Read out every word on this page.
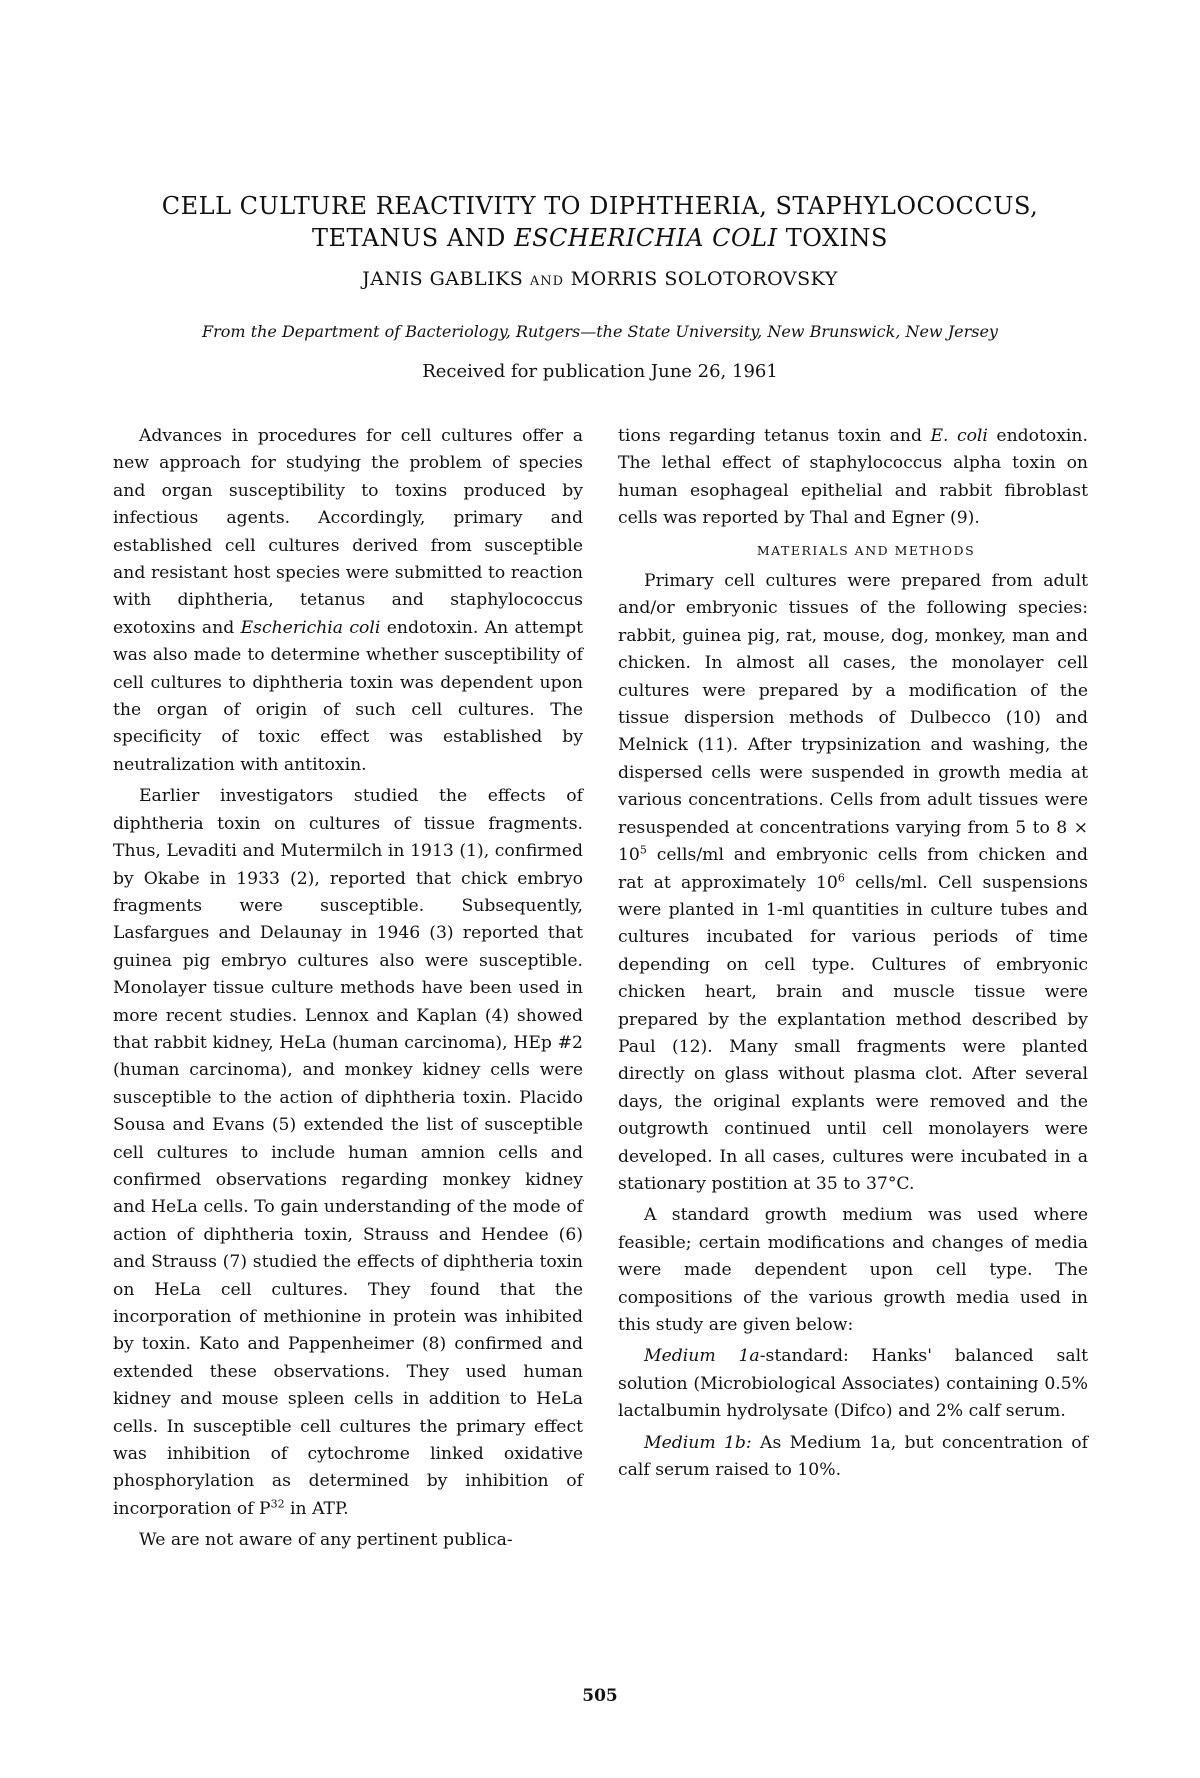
CELL CULTURE REACTIVITY TO DIPHTHERIA, STAPHYLOCOCCUS,
TETANUS AND ESCHERICHIA COLI TOXINS

JANIS GABLIKS AND MORRIS SOLOTOROVSKY

From the Department of Bacteriology, Rutgers—the State University, New Brunswick, New Jersey

Received for publication June 26, 1961

Advances in procedures for cell cultures offer a new approach for studying the problem of species and organ susceptibility to toxins produced by infectious agents. Accordingly, primary and established cell cultures derived from susceptible and resistant host species were submitted to reaction with diphtheria, tetanus and staphylococcus exotoxins and Escherichia coli endotoxin. An attempt was also made to determine whether susceptibility of cell cultures to diphtheria toxin was dependent upon the organ of origin of such cell cultures. The specificity of toxic effect was established by neutralization with antitoxin.

Earlier investigators studied the effects of diphtheria toxin on cultures of tissue fragments. Thus, Levaditi and Mutermilch in 1913 (1), confirmed by Okabe in 1933 (2), reported that chick embryo fragments were susceptible. Subsequently, Lasfargues and Delaunay in 1946 (3) reported that guinea pig embryo cultures also were susceptible. Monolayer tissue culture methods have been used in more recent studies. Lennox and Kaplan (4) showed that rabbit kidney, HeLa (human carcinoma), HEp #2 (human carcinoma), and monkey kidney cells were susceptible to the action of diphtheria toxin. Placido Sousa and Evans (5) extended the list of susceptible cell cultures to include human amnion cells and confirmed observations regarding monkey kidney and HeLa cells. To gain understanding of the mode of action of diphtheria toxin, Strauss and Hendee (6) and Strauss (7) studied the effects of diphtheria toxin on HeLa cell cultures. They found that the incorporation of methionine in protein was inhibited by toxin. Kato and Pappenheimer (8) confirmed and extended these observations. They used human kidney and mouse spleen cells in addition to HeLa cells. In susceptible cell cultures the primary effect was inhibition of cytochrome linked oxidative phosphorylation as determined by inhibition of incorporation of $P^{32}$ in ATP.

We are not aware of any pertinent publica-

tions regarding tetanus toxin and E. coli endotoxin. The lethal effect of staphylococcus alpha toxin on human esophageal epithelial and rabbit fibroblast cells was reported by Thal and Egner (9).

MATERIALS AND METHODS

Primary cell cultures were prepared from adult and/or embryonic tissues of the following species: rabbit, guinea pig, rat, mouse, dog, monkey, man and chicken. In almost all cases, the monolayer cell cultures were prepared by a modification of the tissue dispersion methods of Dulbecco (10) and Melnick (11). After trypsinization and washing, the dispersed cells were suspended in growth media at various concentrations. Cells from adult tissues were resuspended at concentrations varying from 5 to $8 \times 10^5$ cells/ml and embryonic cells from chicken and rat at approximately $10^6$ cells/ml. Cell suspensions were planted in 1-ml quantities in culture tubes and cultures incubated for various periods of time depending on cell type. Cultures of embryonic chicken heart, brain and muscle tissue were prepared by the explantation method described by Paul (12). Many small fragments were planted directly on glass without plasma clot. After several days, the original explants were removed and the outgrowth continued until cell monolayers were developed. In all cases, cultures were incubated in a stationary postition at 35 to 37°C.

A standard growth medium was used where feasible; certain modifications and changes of media were made dependent upon cell type. The compositions of the various growth media used in this study are given below:

Medium 1a-standard: Hanks' balanced salt solution (Microbiological Associates) containing 0.5% lactalbumin hydrolysate (Difco) and 2% calf serum.

Medium 1b: As Medium 1a, but concentration of calf serum raised to 10%.

505
